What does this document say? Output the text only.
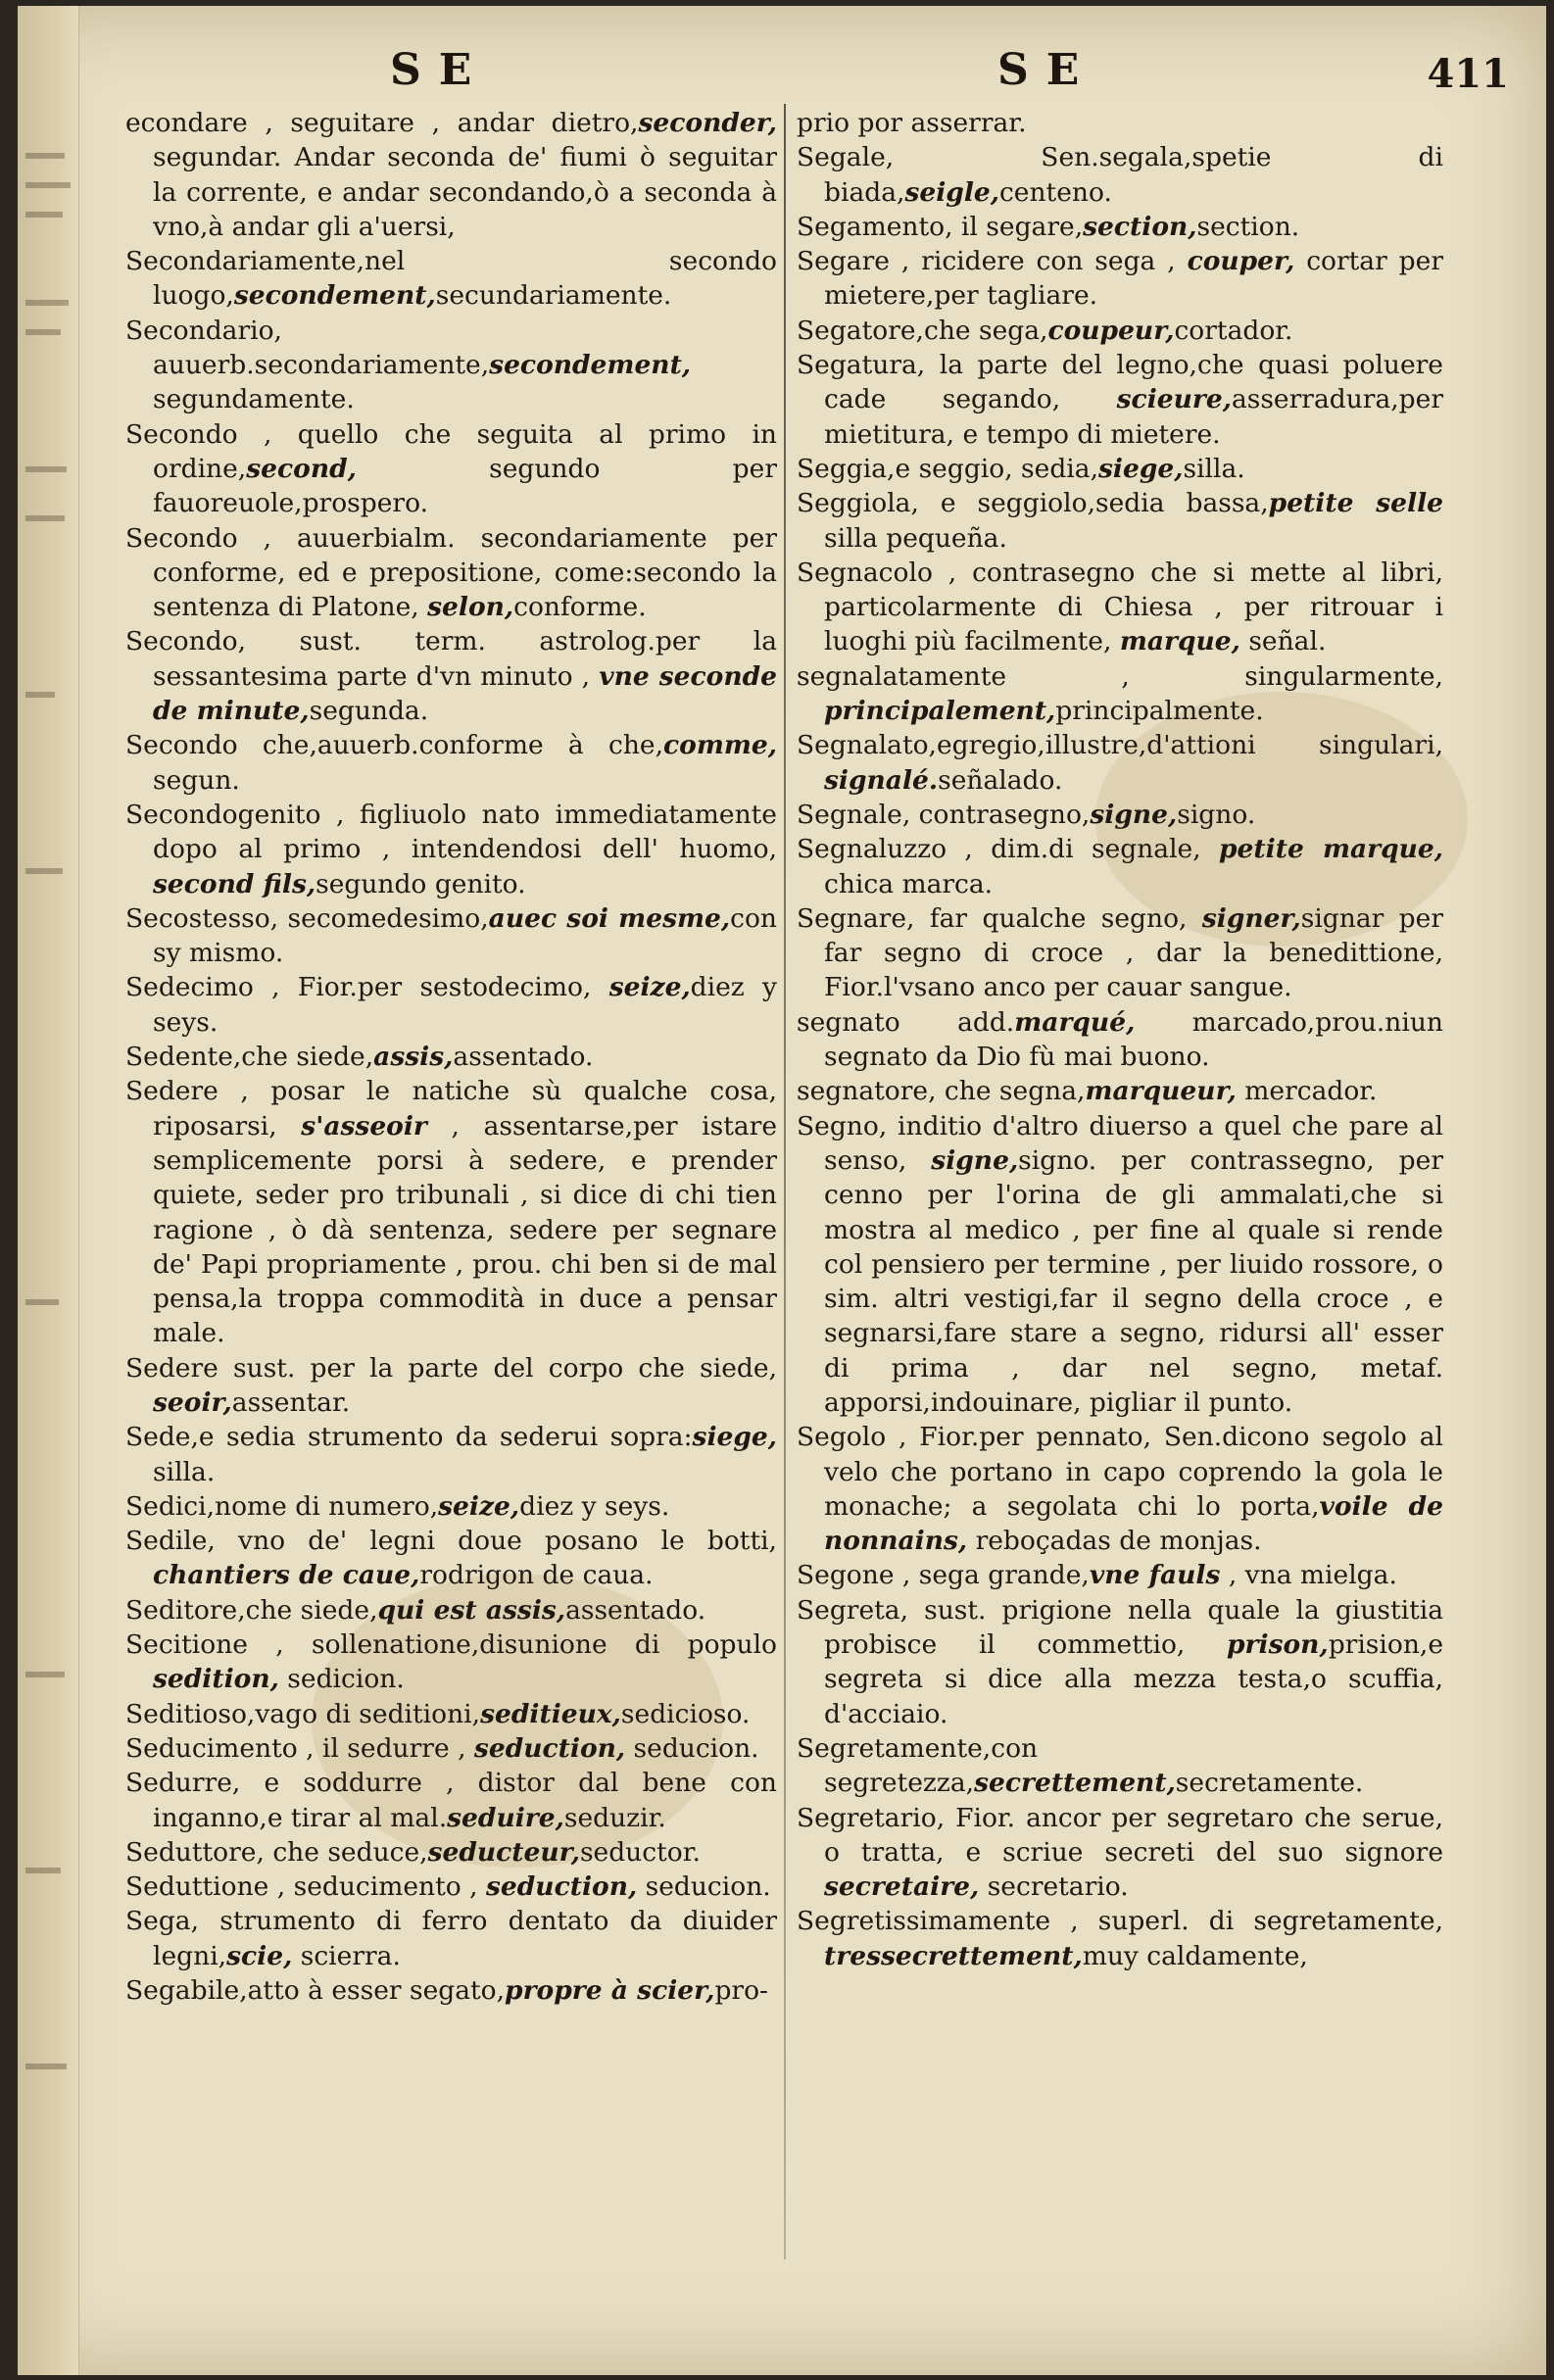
SE	SE	411

econdare , seguitare , andar dietro,seconder, segundar. Andar seconda de' fiumi ò seguitar la corrente, e andar secondando,ò a seconda à vno,à andar gli a'uersi,

Secondariamente,nel secondo luogo,secondement,secundariamente.

Secondario, auuerb.secondariamente,secondement, segundamente.

Secondo , quello che seguita al primo in ordine,second, segundo per fauoreuole,prospero.

Secondo , auuerbialm. secondariamente per conforme, ed e prepositione, come:secondo la sentenza di Platone, selon,conforme.

Secondo, sust. term. astrolog.per la sessantesima parte d'vn minuto , vne seconde de minute,segunda.

Secondo che,auuerb.conforme à che,comme, segun.

Secondogenito , figliuolo nato immediatamente dopo al primo , intendendosi dell' huomo, second fils,segundo genito.

Secostesso, secomedesimo,auec soi mesme,con sy mismo.

Sedecimo , Fior.per sestodecimo, seize,diez y seys.

Sedente,che siede,assis,assentado.

Sedere , posar le natiche sù qualche cosa, riposarsi, s'asseoir , assentarse,per istare semplicemente porsi à sedere, e prender quiete, seder pro tribunali , si dice di chi tien ragione , ò dà sentenza, sedere per segnare de' Papi propriamente , prou. chi ben si de mal pensa,la troppa commodità in duce a pensar male.

Sedere sust. per la parte del corpo che siede, seoir,assentar.

Sede,e sedia strumento da sederui sopra:siege, silla.

Sedici,nome di numero,seize,diez y seys.

Sedile, vno de' legni doue posano le botti, chantiers de caue,rodrigon de caua.

Seditore,che siede,qui est assis,assentado.

Secitione , sollenatione,disunione di populo sedition, sedicion.

Seditioso,vago di seditioni,seditieux,sedicioso.

Seducimento , il sedurre , seduction, seducion.

Sedurre, e soddurre , distor dal bene con inganno,e tirar al mal.seduire,seduzir.

Seduttore, che seduce,seducteur,seductor.

Seduttione , seducimento , seduction, seducion.

Sega, strumento di ferro dentato da diuider legni,scie, scierra.

Segabile,atto à esser segato,propre à scier,pro-

prio por asserrar.

Segale, Sen.segala,spetie di biada,seigle,centeno.

Segamento, il segare,section,section.

Segare , ricidere con sega , couper, cortar per mietere,per tagliare.

Segatore,che sega,coupeur,cortador.

Segatura, la parte del legno,che quasi poluere cade segando, scieure,asserradura,per mietitura, e tempo di mietere.

Seggia,e seggio, sedia,siege,silla.

Seggiola, e seggiolo,sedia bassa,petite selle silla pequeña.

Segnacolo , contrasegno che si mette al libri, particolarmente di Chiesa , per ritrouar i luoghi più facilmente, marque, señal.

segnalatamente , singularmente, principalement,principalmente.

Segnalato,egregio,illustre,d'attioni singulari, signalé.señalado.

Segnale, contrasegno,signe,signo.

Segnaluzzo , dim.di segnale, petite marque, chica marca.

Segnare, far qualche segno, signer,signar per far segno di croce , dar la benedittione, Fior.l'vsano anco per cauar sangue.

segnato add.marqué, marcado,prou.niun segnato da Dio fù mai buono.

segnatore, che segna,marqueur, mercador.

Segno, inditio d'altro diuerso a quel che pare al senso, signe,signo. per contrassegno, per cenno per l'orina de gli ammalati,che si mostra al medico , per fine al quale si rende col pensiero per termine , per liuido rossore, o sim. altri vestigi,far il segno della croce , e segnarsi,fare stare a segno, ridursi all' esser di prima , dar nel segno, metaf. apporsi,indouinare, pigliar il punto.

Segolo , Fior.per pennato, Sen.dicono segolo al velo che portano in capo coprendo la gola le monache; a segolata chi lo porta,voile de nonnains, reboçadas de monjas.

Segone , sega grande,vne fauls , vna mielga.

Segreta, sust. prigione nella quale la giustitia probisce il commettio, prison,prision,e segreta si dice alla mezza testa,o scuffia, d'acciaio.

Segretamente,con segretezza,secrettement,secretamente.

Segretario, Fior. ancor per segretaro che serue, o tratta, e scriue secreti del suo signore secretaire, secretario.

Segretissimamente , superl. di segretamente, tressecrettement,muy caldamente,
